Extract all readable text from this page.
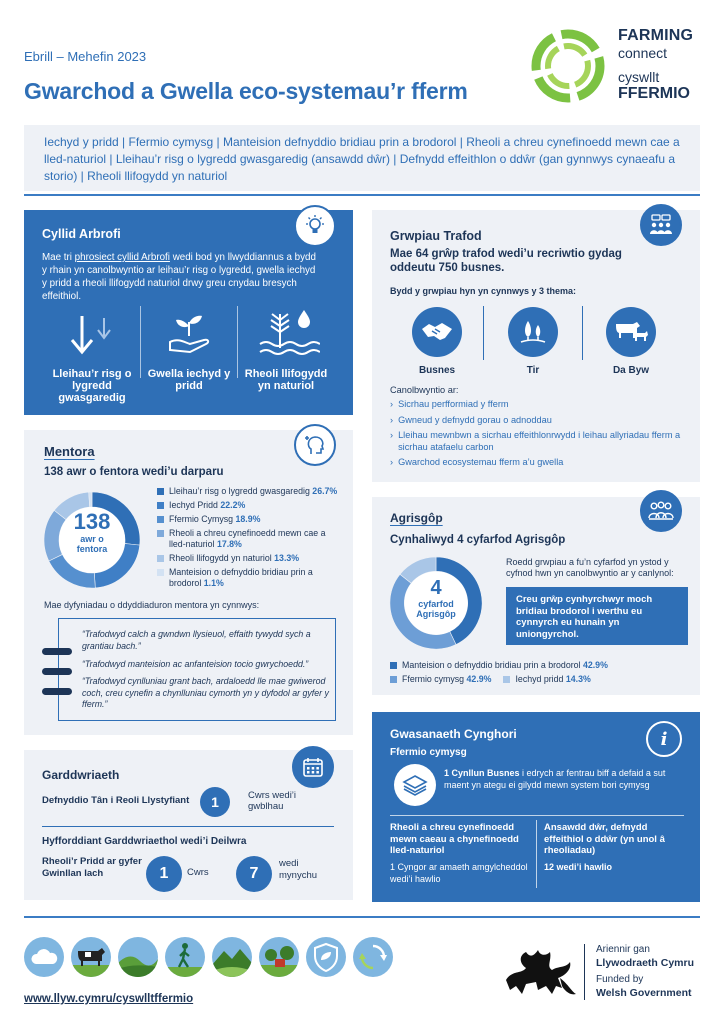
Ebrill – Mehefin 2023
Gwarchod a Gwella eco-systemau’r fferm
FARMING
connect
cyswllt
FFERMIO
Iechyd y pridd | Ffermio cymysg | Manteision defnyddio bridiau prin a brodorol | Rheoli a chreu cynefinoedd mewn cae a lled-naturiol | Lleihau’r risg o lygredd gwasgaredig (ansawdd dŵr) | Defnydd effeithlon o ddŵr (gan gynnwys cynaeafu a storio) | Rheoli llifogydd yn naturiol
Cyllid Arbrofi

Mae tri phrosiect cyllid Arbrofi wedi bod yn llwyddiannus a bydd y rhain yn canolbwyntio ar leihau’r risg o lygredd, gwella iechyd y pridd a rheoli llifogydd naturiol drwy greu cnydau bresych effeithiol.

Lleihau’r risg o lygredd gwasgaredig
Gwella iechyd y pridd
Rheoli llifogydd yn naturiol
Mentora
138 awr o fentora wedi’u darparu
138
awr o fentora
Lleihau’r risg o lygredd gwasgaredig 26.7%
Iechyd Pridd 22.2%
Ffermio Cymysg 18.9%
Rheoli a chreu cynefinoedd mewn cae a lled-naturiol 17.8%
Rheoli llifogydd yn naturiol 13.3%
Manteision o defnyddio bridiau prin a brodorol 1.1%
Mae dyfyniadau o ddyddiaduron mentora yn cynnwys:
“Trafodwyd calch a gwndwn llysieuol, effaith tywydd sych a grantiau bach.”
“Trafodwyd manteision ac anfanteision tocio gwrychoedd.”
“Trafodwyd cynlluniau grant bach, ardaloedd lle mae gwiwerod coch, creu cynefin a chynlluniau cymorth yn y dyfodol ar gyfer y fferm.”
Garddwriaeth
Defnyddio Tân i Reoli Llystyfiant	1	Cwrs wedi’i gwblhau
Hyfforddiant Garddwriaethol wedi’i Deilwra
Rheoli’r Pridd ar gyfer Gwinllan Iach	1	Cwrs	7
wedi mynychu
Grwpiau Trafod
Mae 64 grŵp trafod wedi’u recriwtio gydag oddeutu 750 busnes.
Bydd y grwpiau hyn yn cynnwys y 3 thema:
Busnes	Tir	Da Byw
Canolbwyntio ar:
› Sicrhau perfformiad y fferm
› Gwneud y defnydd gorau o adnoddau
› Lleihau mewnbwn a sicrhau effeithlonrwydd i leihau allyriadau fferm a sicrhau atafaelu carbon
› Gwarchod ecosystemau fferm a’u gwella
Agrisgôp
Cynhaliwyd 4 cyfarfod Agrisgôp
4
cyfarfod Agrisgôp
Roedd grwpiau a fu’n cyfarfod yn ystod y cyfnod hwn yn canolbwyntio ar y canlynol:
Creu grŵp cynhyrchwyr moch bridiau brodorol i werthu eu cynnyrch eu hunain yn uniongyrchol.
Manteision o defnyddio bridiau prin a brodorol 42.9%
Ffermio cymysg 42.9%	Iechyd pridd 14.3%
Gwasanaeth Cynghori
Ffermio cymysg
1 Cynllun Busnes i edrych ar fentrau biff a defaid a sut maent yn ategu ei gilydd mewn system bori cymysg
Rheoli a chreu cynefinoedd mewn caeau a chynefinoedd lled-naturiol
1 Cyngor ar amaeth amgylcheddol wedi’i hawlio
Ansawdd dŵr, defnydd effeithiol o ddŵr (yn unol â rheoliadau)
12 wedi’i hawlio
i
www.llyw.cymru/cyswlltffermio
Ariennir gan
Llywodraeth Cymru
Funded by
Welsh Government
